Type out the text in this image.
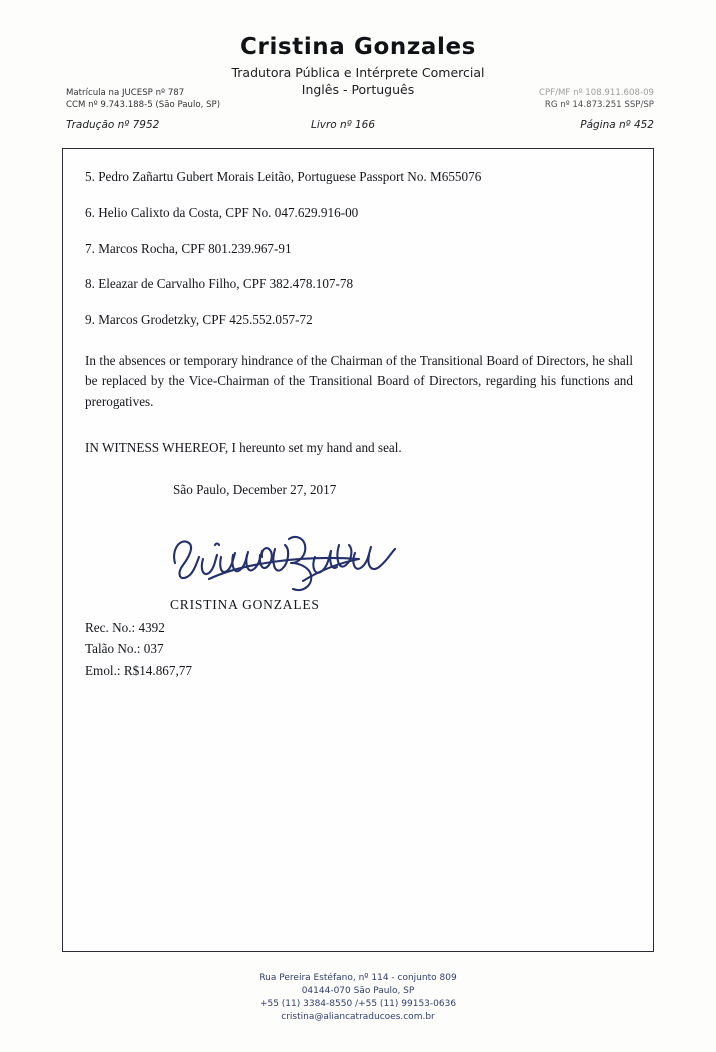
Cristina Gonzales
Tradutora Pública e Intérprete Comercial
Inglês - Português
Matrícula na JUCESP nº 787
CCM nº 9.743.188-5 (São Paulo, SP)
CPF/MF nº 108.911.608-09
RG nº 14.873.251 SSP/SP
Tradução nº 7952	Livro nº 166	Página nº 452

5. Pedro Zañartu Gubert Morais Leitão, Portuguese Passport No. M655076

6. Helio Calixto da Costa, CPF No. 047.629.916-00

7. Marcos Rocha, CPF 801.239.967-91

8. Eleazar de Carvalho Filho, CPF 382.478.107-78

9. Marcos Grodetzky, CPF 425.552.057-72

In the absences or temporary hindrance of the Chairman of the Transitional Board of Directors, he shall be replaced by the Vice-Chairman of the Transitional Board of Directors, regarding his functions and prerogatives.

IN WITNESS WHEREOF, I hereunto set my hand and seal.

São Paulo, December 27, 2017

CRISTINA GONZALES
Rec. No.: 4392
Talão No.: 037
Emol.: R$14.867,77
Rua Pereira Estéfano, nº 114 - conjunto 809
04144-070 São Paulo, SP
+55 (11) 3384-8550 /+55 (11) 99153-0636
cristina@aliancatraducoes.com.br
